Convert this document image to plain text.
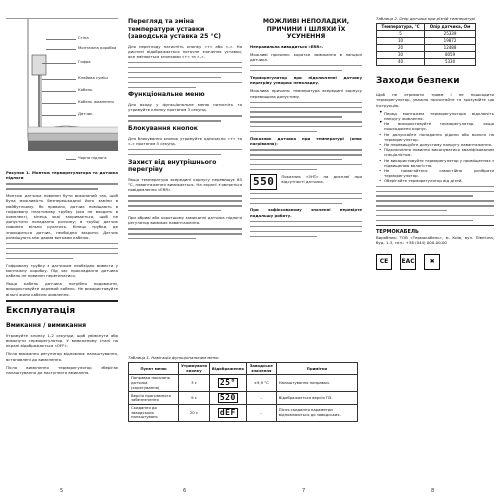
Стіна
Монтажна коробка
Гофра
Клейова суміш
Кабель
Кабель живлення
Датчик
Чорна підлога
Рисунок 1. Монтаж терморегулятора та датчика підлоги
Монтаж датчика повинен бути виконаний так, щоб була можливість безперешкодної його заміни в майбутньому. Як правило, датчик поміщають в гофровану пластикову трубку (яка не входить в комплект), кінець якої закривається, щоб не допустити попадання розчину; в трубці датчик повинен вільно рухатись. Кінець трубки, де знаходиться датчик, необхідно закрити. Датчик розміщують між двома витками кабелю.
Гофровану трубку з датчиком необхідно вивести у монтажну коробку. Під час прокладання датчика кабель не повинен перегинатися.
Якщо кабель датчика потрібно подовжити, використовуйте окремий кабель. Не використовуйте вільні жили кабелю живлення.
Експлуатація
Вмикання / вимикання
Утримуйте кнопку 1-2 секунди, щоб увімкнути або вимкнути терморегулятор. У вимкненому стані на екрані відображається «OFF».
Після вмикання регулятор відновлює налаштування, встановлені до вимкнення.
Після вимкнення терморегулятор зберігає налаштування до наступного вмикання.
5
Перегляд та зміна температури уставки (заводська уставка 25 °С)
Для перегляду натисніть кнопку «+» або «–». На дисплеї відображається поточне значення уставки, яке змінюється кнопками «+» та «–».
Функціональне меню
Для входу у функціональне меню натисніть та утримуйте кнопку протягом 3 секунд.
Блокування кнопок
Для блокування кнопок утримуйте одночасно «+» та «–» протягом 5 секунд.
Захист від внутрішнього перегріву
Якщо температура всередині корпусу перевищує 85 °С, навантаження вимикається. На екрані з'являється повідомлення «ERR».
При обриві або коротшому замиканні датчика підлоги регулятор вимикає навантаження.
6
Таблиця 1. Навігація функціональним меню
Пункт меню	Утримувати кнопку	Відображення	Заводське значення	Примітки
Поправка показань датчика (корегування)	3 с	25°	±9,9 °С	Налаштування поправки.
Версія програмного забезпечення	9 с	520	–	Відображається версія ПЗ.
Скидання до заводських налаштувань	20 с	dEF	–	Після скидання параметри відновлюються до заводських.
МОЖЛИВІ НЕПОЛАДКИ, ПРИЧИНИ І ШЛЯХИ ЇХ УСУНЕННЯ
Неправильна виводиться «ERR».
Можливі причини: коротке замикання в ланцюзі датчика.
Терморегулятор при підключенні датчику перегріву утворює неполадку.
Можлива причина: температура всередині корпусу перевищила допустиму.
Показник датчика при температурі (опис нагрівання):
550	Показник «5HT» на дисплеї при відсутності датчика.
При зафіксованому значенні перевірте подальшу роботу.
7
Таблиця 2. Опір датчика при різній температурі
Температура, °С	Опір датчика, Ом
5	25339
10	19872
20	12488
30	8059
40	5330
Заходи безпеки
Щоб не отримати травм і не пошкодити терморегулятор, уважно прочитайте та зрозумійте цю інструкцію.
• Перед монтажем терморегулятора відключіть напругу живлення.
• Не використовуйте терморегулятор, якщо пошкоджено корпус.
• Не допускайте попадання рідини або вологи на терморегулятор.
• Не перевищуйте допустиму напругу навантаження.
• Підключення повинно виконуватися кваліфікованим спеціалістом.
• Не використовуйте терморегулятор у приміщеннях з підвищеною вологістю.
• Не намагайтеся самостійно розібрати терморегулятор.
• Оберігайте терморегулятор від дітей.
ТЕРМОКАБЕЛЬ
Виробник: ТОВ «Термокабель», м. Київ, вул. Північна, буд. 1-3, тел.: +38 (044) 000-00-00
CE EAC	✖
8
